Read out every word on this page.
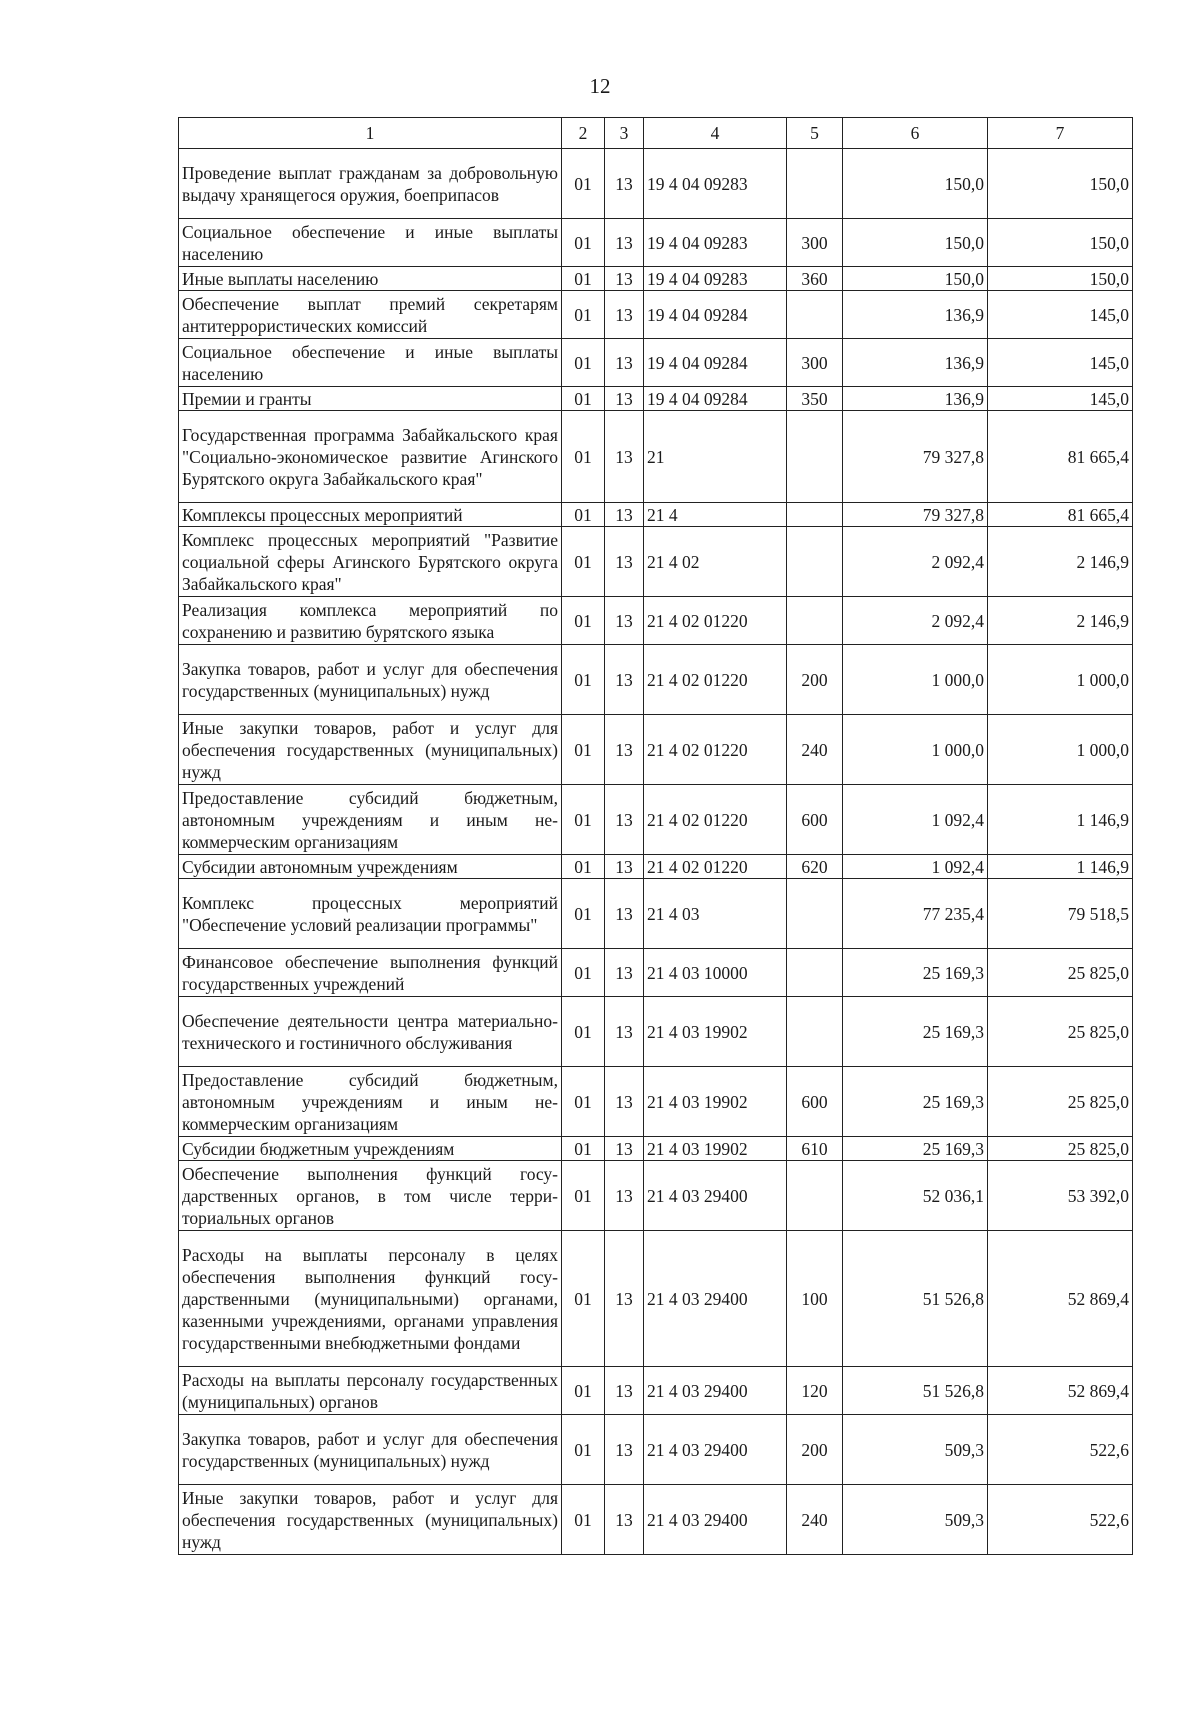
12
1	2	3	4	5	6	7
Проведение выплат гражданам за добровольную выдачу хранящегося оружия, боеприпасов	01	13	19 4 04 09283		150,0	150,0
Социальное обеспечение и иные выплаты населению	01	13	19 4 04 09283	300	150,0	150,0
Иные выплаты населению	01	13	19 4 04 09283	360	150,0	150,0
Обеспечение выплат премий секретарям антитеррористических комиссий	01	13	19 4 04 09284		136,9	145,0
Социальное обеспечение и иные выплаты населению	01	13	19 4 04 09284	300	136,9	145,0
Премии и гранты	01	13	19 4 04 09284	350	136,9	145,0
Государственная программа Забайкальского края "Социально-экономическое развитие Агинского Бурятского округа Забайкальского края"	01	13	21		79 327,8	81 665,4
Комплексы процессных мероприятий	01	13	21 4		79 327,8	81 665,4
Комплекс процессных мероприятий "Развитие социальной сферы Агинского Бурятского округа Забайкальского края"	01	13	21 4 02		2 092,4	2 146,9
Реализация комплекса мероприятий по сохранению и развитию бурятского языка	01	13	21 4 02 01220		2 092,4	2 146,9
Закупка товаров, работ и услуг для обеспечения государственных (муниципальных) нужд	01	13	21 4 02 01220	200	1 000,0	1 000,0
Иные закупки товаров, работ и услуг для обеспечения государственных (муниципальных) нужд	01	13	21 4 02 01220	240	1 000,0	1 000,0
Предоставление субсидий бюджетным, автономным учреждениям и иным некоммерческим организациям	01	13	21 4 02 01220	600	1 092,4	1 146,9
Субсидии автономным учреждениям	01	13	21 4 02 01220	620	1 092,4	1 146,9
Комплекс процессных мероприятий "Обеспечение условий реализации программы"	01	13	21 4 03		77 235,4	79 518,5
Финансовое обеспечение выполнения функций государственных учреждений	01	13	21 4 03 10000		25 169,3	25 825,0
Обеспечение деятельности центра материально-технического и гостиничного обслуживания	01	13	21 4 03 19902		25 169,3	25 825,0
Предоставление субсидий бюджетным, автономным учреждениям и иным некоммерческим организациям	01	13	21 4 03 19902	600	25 169,3	25 825,0
Субсидии бюджетным учреждениям	01	13	21 4 03 19902	610	25 169,3	25 825,0
Обеспечение выполнения функций государственных органов, в том числе территориальных органов	01	13	21 4 03 29400		52 036,1	53 392,0
Расходы на выплаты персоналу в целях обеспечения выполнения функций государственными (муниципальными) органами, казенными учреждениями, органами управления государственными внебюджетными фондами	01	13	21 4 03 29400	100	51 526,8	52 869,4
Расходы на выплаты персоналу государственных (муниципальных) органов	01	13	21 4 03 29400	120	51 526,8	52 869,4
Закупка товаров, работ и услуг для обеспечения государственных (муниципальных) нужд	01	13	21 4 03 29400	200	509,3	522,6
Иные закупки товаров, работ и услуг для обеспечения государственных (муниципальных) нужд	01	13	21 4 03 29400	240	509,3	522,6
